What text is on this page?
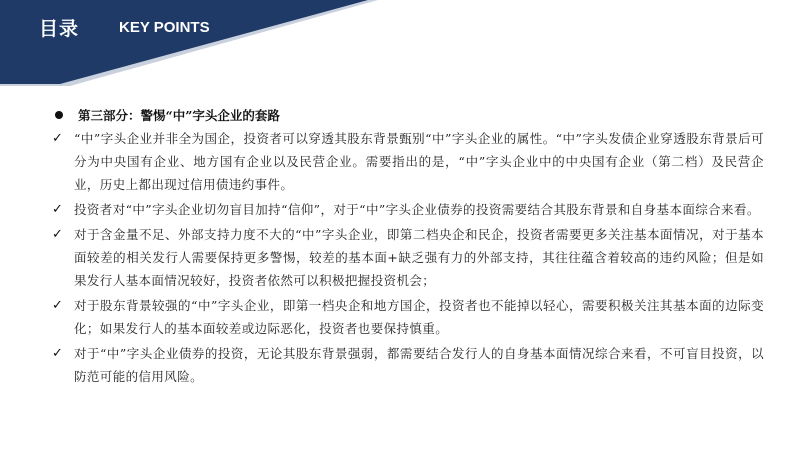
目录	KEY POINTS
第三部分：警惕“中”字头企业的套路
✓ “中”字头企业并非全为国企，投资者可以穿透其股东背景甄别“中”字头企业的属性。“中”字头发债企业穿透股东背景后可分为中央国有企业、地方国有企业以及民营企业。需要指出的是，“中”字头企业中的中央国有企业（第二档）及民营企业，历史上都出现过信用债违约事件。
✓ 投资者对“中”字头企业切勿盲目加持“信仰”，对于“中”字头企业债券的投资需要结合其股东背景和自身基本面综合来看。
✓ 对于含金量不足、外部支持力度不大的“中”字头企业，即第二档央企和民企，投资者需要更多关注基本面情况，对于基本面较差的相关发行人需要保持更多警惕，较差的基本面+缺乏强有力的外部支持，其往往蕴含着较高的违约风险；但是如果发行人基本面情况较好，投资者依然可以积极把握投资机会；
✓ 对于股东背景较强的“中”字头企业，即第一档央企和地方国企，投资者也不能掉以轻心，需要积极关注其基本面的边际变化；如果发行人的基本面较差或边际恶化，投资者也要保持慎重。
✓ 对于“中”字头企业债券的投资，无论其股东背景强弱，都需要结合发行人的自身基本面情况综合来看，不可盲目投资，以防范可能的信用风险。
